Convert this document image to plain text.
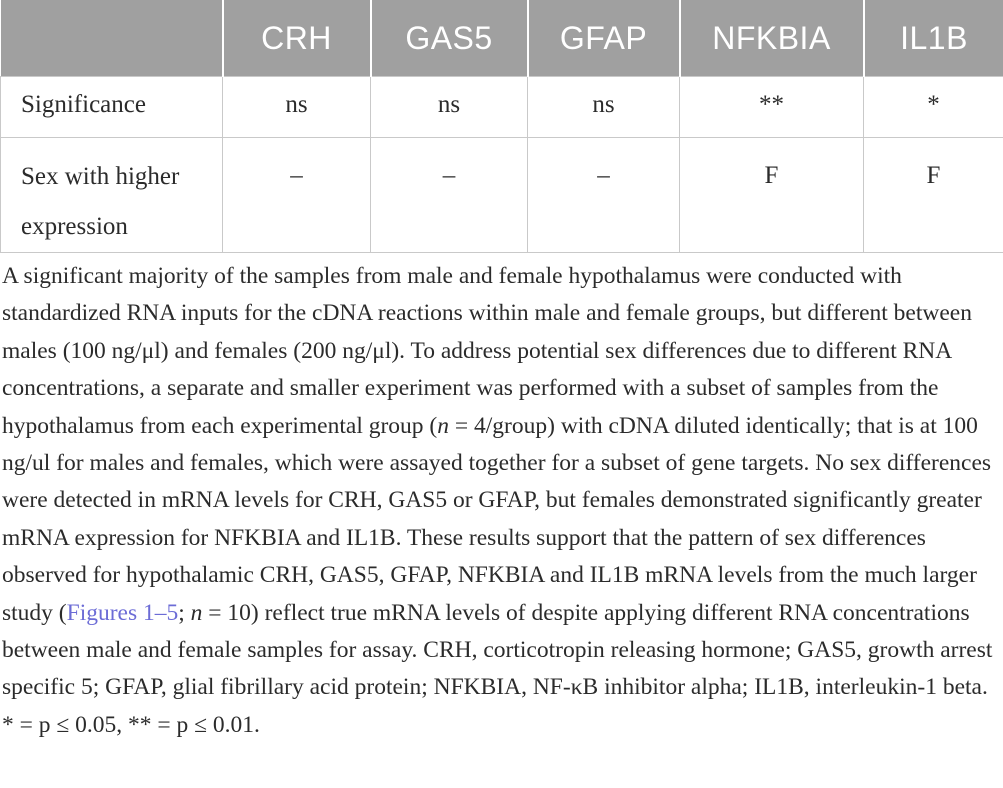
	CRH	GAS5	GFAP	NFKBIA	IL1B
Significance	ns	ns	ns	**	*
Sex with higher expression	–	–	–	F	F

A significant majority of the samples from male and female hypothalamus were conducted with standardized RNA inputs for the cDNA reactions within male and female groups, but different between males (100 ng/μl) and females (200 ng/μl). To address potential sex differences due to different RNA concentrations, a separate and smaller experiment was performed with a subset of samples from the hypothalamus from each experimental group (n = 4/group) with cDNA diluted identically; that is at 100 ng/ul for males and females, which were assayed together for a subset of gene targets. No sex differences were detected in mRNA levels for CRH, GAS5 or GFAP, but females demonstrated significantly greater mRNA expression for NFKBIA and IL1B. These results support that the pattern of sex differences observed for hypothalamic CRH, GAS5, GFAP, NFKBIA and IL1B mRNA levels from the much larger study (Figures 1–5; n = 10) reflect true mRNA levels of despite applying different RNA concentrations between male and female samples for assay. CRH, corticotropin releasing hormone; GAS5, growth arrest specific 5; GFAP, glial fibrillary acid protein; NFKBIA, NF-κB inhibitor alpha; IL1B, interleukin-1 beta. * = p ≤ 0.05, ** = p ≤ 0.01.
